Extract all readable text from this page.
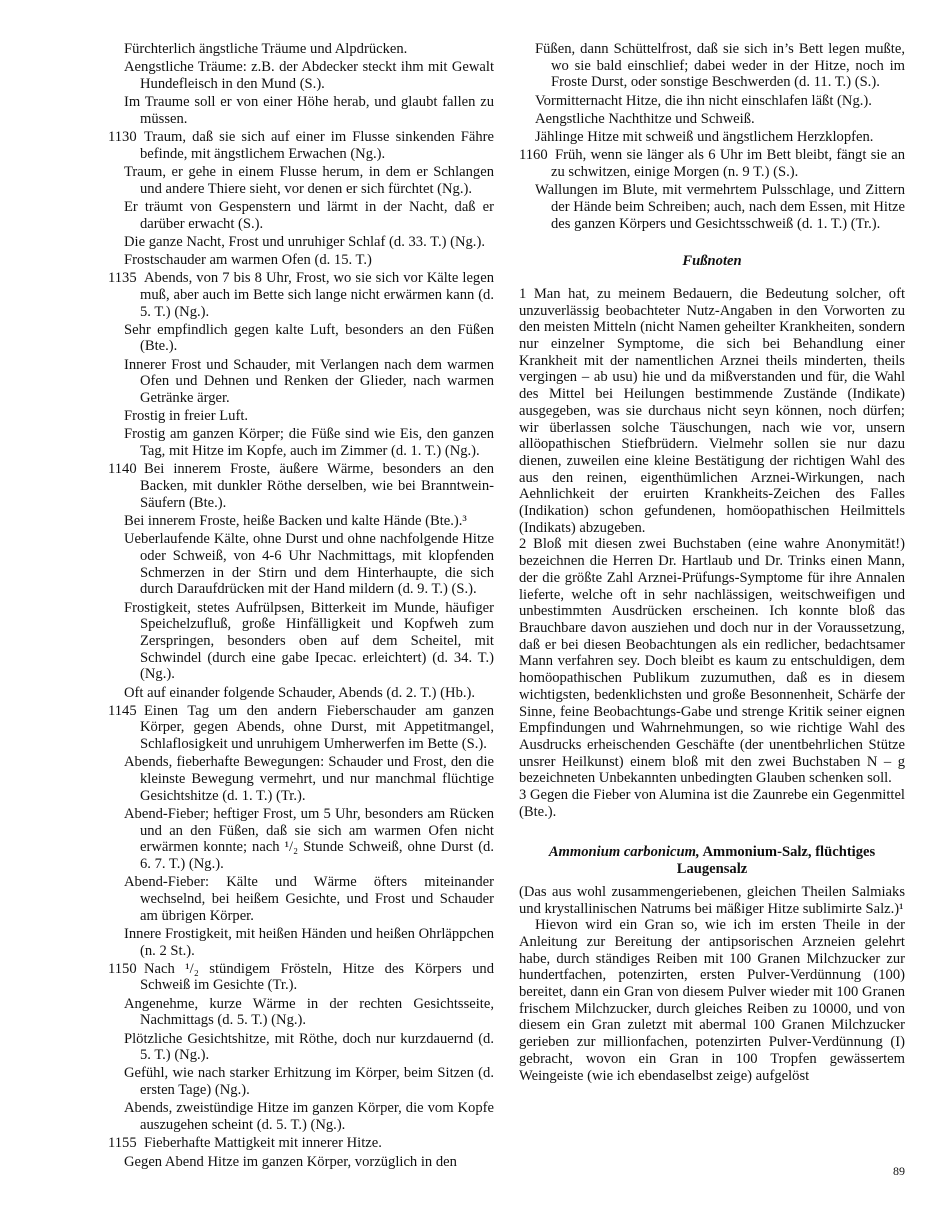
Fürchterlich ängstliche Träume und Alpdrücken.
Aengstliche Träume: z.B. der Abdecker steckt ihm mit Gewalt Hundefleisch in den Mund (S.).
Im Traume soll er von einer Höhe herab, und glaubt fallen zu müssen.
1130 Traum, daß sie sich auf einer im Flusse sinkenden Fähre befinde, mit ängstlichem Erwachen (Ng.).
Traum, er gehe in einem Flusse herum, in dem er Schlangen und andere Thiere sieht, vor denen er sich fürchtet (Ng.).
Er träumt von Gespenstern und lärmt in der Nacht, daß er darüber erwacht (S.).
Die ganze Nacht, Frost und unruhiger Schlaf (d. 33. T.) (Ng.).
Frostschauder am warmen Ofen (d. 15. T.)
1135 Abends, von 7 bis 8 Uhr, Frost, wo sie sich vor Kälte legen muß, aber auch im Bette sich lange nicht erwärmen kann (d. 5. T.) (Ng.).
Sehr empfindlich gegen kalte Luft, besonders an den Füßen (Bte.).
Innerer Frost und Schauder, mit Verlangen nach dem warmen Ofen und Dehnen und Renken der Glieder, nach warmen Getränke ärger.
Frostig in freier Luft.
Frostig am ganzen Körper; die Füße sind wie Eis, den ganzen Tag, mit Hitze im Kopfe, auch im Zimmer (d. 1. T.) (Ng.).
1140 Bei innerem Froste, äußere Wärme, besonders an den Backen, mit dunkler Röthe derselben, wie bei Branntwein-Säufern (Bte.).
Bei innerem Froste, heiße Backen und kalte Hände (Bte.).³
Ueberlaufende Kälte, ohne Durst und ohne nachfolgende Hitze oder Schweiß, von 4-6 Uhr Nachmittags, mit klopfenden Schmerzen in der Stirn und dem Hinterhaupte, die sich durch Daraufdrücken mit der Hand mildern (d. 9. T.) (S.).
Frostigkeit, stetes Aufrülpsen, Bitterkeit im Munde, häufiger Speichelzufluß, große Hinfälligkeit und Kopfweh zum Zerspringen, besonders oben auf dem Scheitel, mit Schwindel (durch eine gabe Ipecac. erleichtert) (d. 34. T.) (Ng.).
Oft auf einander folgende Schauder, Abends (d. 2. T.) (Hb.).
1145 Einen Tag um den andern Fieberschauder am ganzen Körper, gegen Abends, ohne Durst, mit Appetitmangel, Schlaflosigkeit und unruhigem Umherwerfen im Bette (S.).
Abends, fieberhafte Bewegungen: Schauder und Frost, den die kleinste Bewegung vermehrt, und nur manchmal flüchtige Gesichtshitze (d. 1. T.) (Tr.).
Abend-Fieber; heftiger Frost, um 5 Uhr, besonders am Rücken und an den Füßen, daß sie sich am warmen Ofen nicht erwärmen konnte; nach ¹/₂ Stunde Schweiß, ohne Durst (d. 6. 7. T.) (Ng.).
Abend-Fieber: Kälte und Wärme öfters miteinander wechselnd, bei heißem Gesichte, und Frost und Schauder am übrigen Körper.
Innere Frostigkeit, mit heißen Händen und heißen Ohrläppchen (n. 2 St.).
1150 Nach ¹/₂ stündigem Frösteln, Hitze des Körpers und Schweiß im Gesichte (Tr.).
Angenehme, kurze Wärme in der rechten Gesichtsseite, Nachmittags (d. 5. T.) (Ng.).
Plötzliche Gesichtshitze, mit Röthe, doch nur kurzdauernd (d. 5. T.) (Ng.).
Gefühl, wie nach starker Erhitzung im Körper, beim Sitzen (d. ersten Tage) (Ng.).
Abends, zweistündige Hitze im ganzen Körper, die vom Kopfe auszugehen scheint (d. 5. T.) (Ng.).
1155 Fieberhafte Mattigkeit mit innerer Hitze.
Gegen Abend Hitze im ganzen Körper, vorzüglich in den
Füßen, dann Schüttelfrost, daß sie sich in’s Bett legen mußte, wo sie bald einschlief; dabei weder in der Hitze, noch im Froste Durst, oder sonstige Beschwerden (d. 11. T.) (S.).
Vormitternacht Hitze, die ihn nicht einschlafen läßt (Ng.).
Aengstliche Nachthitze und Schweiß.
Jählinge Hitze mit schweiß und ängstlichem Herzklopfen.
1160 Früh, wenn sie länger als 6 Uhr im Bett bleibt, fängt sie an zu schwitzen, einige Morgen (n. 9 T.) (S.).
Wallungen im Blute, mit vermehrtem Pulsschlage, und Zittern der Hände beim Schreiben; auch, nach dem Essen, mit Hitze des ganzen Körpers und Gesichtsschweiß (d. 1. T.) (Tr.).
Fußnoten

1 Man hat, zu meinem Bedauern, die Bedeutung solcher, oft unzuverlässig beobachteter Nutz-Angaben in den Vorworten zu den meisten Mitteln (nicht Namen geheilter Krankheiten, sondern nur einzelner Symptome, die sich bei Behandlung einer Krankheit mit der namentlichen Arznei theils minderten, theils vergingen – ab usu) hie und da mißverstanden und für, die Wahl des Mittel bei Heilungen bestimmende Zustände (Indikate) ausgegeben, was sie durchaus nicht seyn können, noch dürfen; wir überlassen solche Täuschungen, nach wie vor, unsern allöopathischen Stiefbrüdern. Vielmehr sollen sie nur dazu dienen, zuweilen eine kleine Bestätigung der richtigen Wahl des aus den reinen, eigenthümlichen Arznei-Wirkungen, nach Aehnlichkeit der eruirten Krankheits-Zeichen des Falles (Indikation) schon gefundenen, homöopathischen Heilmittels (Indikats) abzugeben.

2 Bloß mit diesen zwei Buchstaben (eine wahre Anonymität!) bezeichnen die Herren Dr. Hartlaub und Dr. Trinks einen Mann, der die größte Zahl Arznei-Prüfungs-Symptome für ihre Annalen lieferte, welche oft in sehr nachlässigen, weitschweifigen und unbestimmten Ausdrücken erscheinen. Ich konnte bloß das Brauchbare davon ausziehen und doch nur in der Voraussetzung, daß er bei diesen Beobachtungen als ein redlicher, bedachtsamer Mann verfahren sey. Doch bleibt es kaum zu entschuldigen, dem homöopathischen Publikum zuzumuthen, daß es in diesem wichtigsten, bedenklichsten und große Besonnenheit, Schärfe der Sinne, feine Beobachtungs-Gabe und strenge Kritik seiner eignen Empfindungen und Wahrnehmungen, so wie richtige Wahl des Ausdrucks erheischenden Geschäfte (der unentbehrlichen Stütze unsrer Heilkunst) einem bloß mit den zwei Buchstaben N – g bezeichneten Unbekannten unbedingten Glauben schenken soll.

3 Gegen die Fieber von Alumina ist die Zaunrebe ein Gegenmittel (Bte.).

Ammonium carbonicum, Ammonium-Salz, flüchtiges Laugensalz

(Das aus wohl zusammengeriebenen, gleichen Theilen Salmiaks und krystallinischen Natrums bei mäßiger Hitze sublimirte Salz.)¹

Hievon wird ein Gran so, wie ich im ersten Theile in der Anleitung zur Bereitung der antipsorischen Arzneien gelehrt habe, durch ständiges Reiben mit 100 Granen Milchzucker zur hundertfachen, potenzirten, ersten Pulver-Verdünnung (100) bereitet, dann ein Gran von diesem Pulver wieder mit 100 Granen frischem Milchzucker, durch gleiches Reiben zu 10000, und von diesem ein Gran zuletzt mit abermal 100 Granen Milchzucker gerieben zur millionfachen, potenzirten Pulver-Verdünnung (I) gebracht, wovon ein Gran in 100 Tropfen gewässertem Weingeiste (wie ich ebendaselbst zeige) aufgelöst

89
